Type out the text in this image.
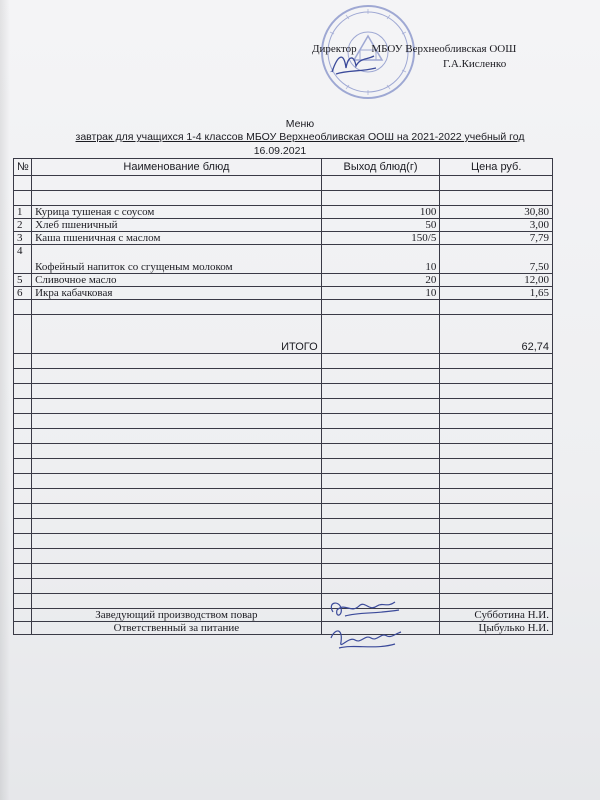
Директор МБОУ Верхнеобливская ООШ
Г.А.Кисленко
Меню
завтрак для учащихся 1-4 классов МБОУ Верхнеобливская ООШ на 2021-2022 учебный год
16.09.2021
№	Наименование блюд	Выход блюд(г)	Цена руб.

1	Курица тушеная с соусом	100	30,80
2	Хлеб пшеничный	50	3,00
3	Каша пшеничная с маслом	150/5	7,79
4	Кофейный напиток со сгущеным молоком	10	7,50
5	Сливочное масло	20	12,00
6	Икра кабачковая	10	1,65

	ИТОГО		62,74

	Заведующий производством повар		Субботина Н.И.
	Ответственный за питание		Цыбулько Н.И.
